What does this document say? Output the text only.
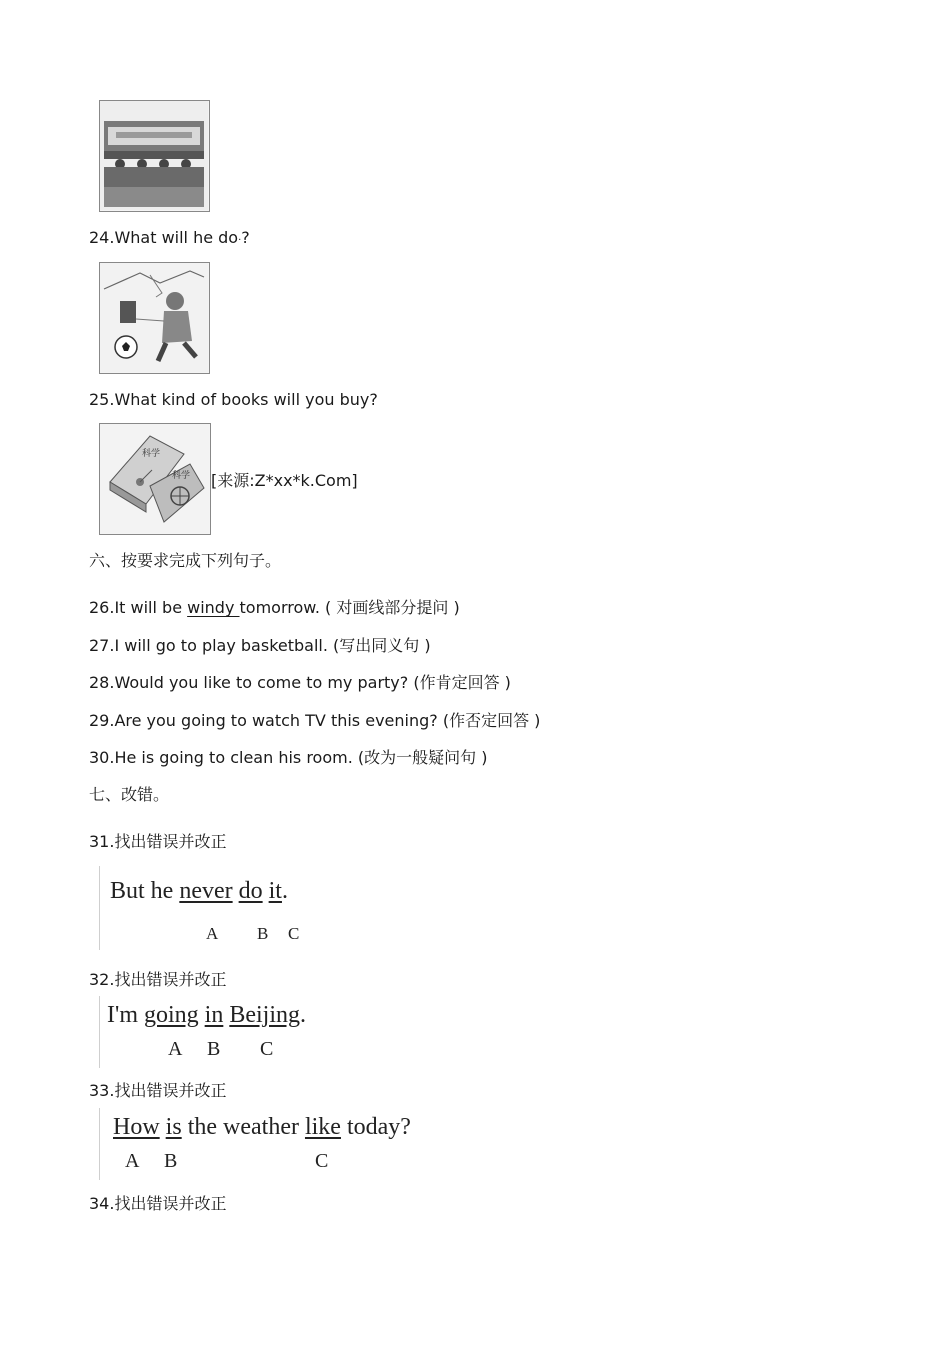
24.What will he do·?
25.What kind of books will you buy?
科学
科学 [来源:Z*xx*k.Com]
六、按要求完成下列句子。
26.It will be windy tomorrow. ( 对画线部分提问 )
27.I will go to play basketball. (写出同义句 )
28.Would you like to come to my party? (作肯定回答 )
29.Are you going to watch TV this evening? (作否定回答 )
30.He is going to clean his room. (改为一般疑问句 )
七、改错。
31.找出错误并改正
But he never do it.
A B C
32.找出错误并改正
I'm going in Beijing.
A B C
33.找出错误并改正
How is the weather like today?
A B	C
34.找出错误并改正
